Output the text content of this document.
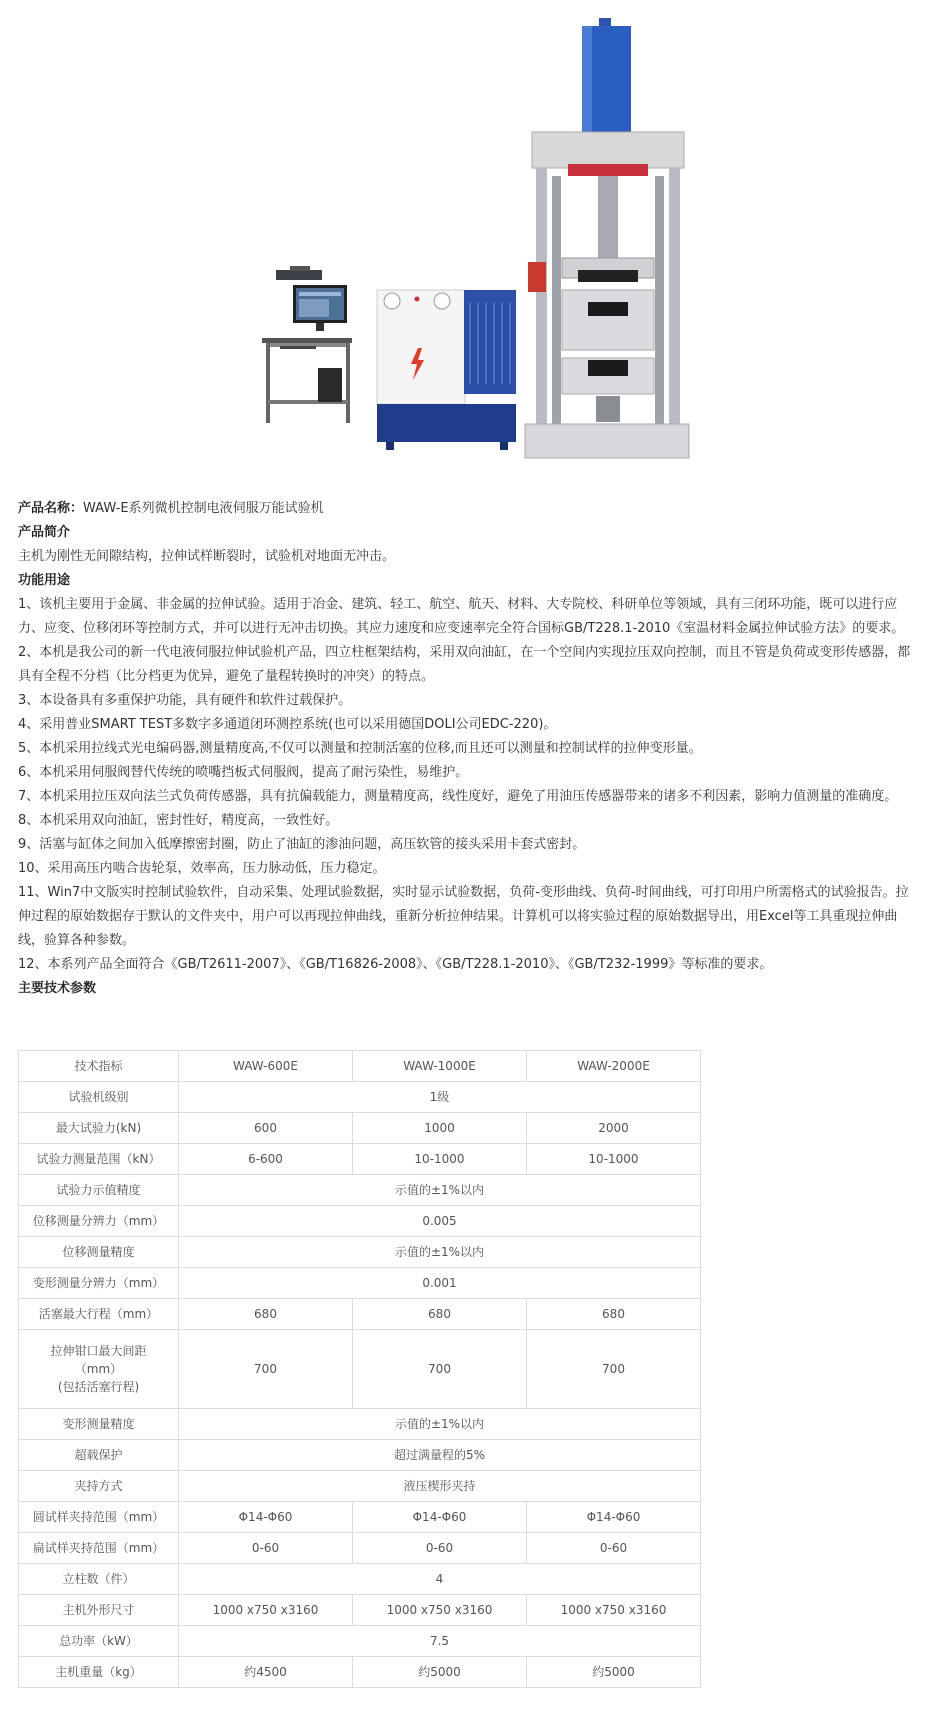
产品名称：WAW-E系列微机控制电液伺服万能试验机

产品简介

主机为刚性无间隙结构，拉伸试样断裂时，试验机对地面无冲击。

功能用途

1、该机主要用于金属、非金属的拉伸试验。适用于冶金、建筑、轻工、航空、航天、材料、大专院校、科研单位等领域，具有三闭环功能，既可以进行应力、应变、位移闭环等控制方式，并可以进行无冲击切换。其应力速度和应变速率完全符合国标GB/T228.1-2010《室温材料金属拉伸试验方法》的要求。

2、本机是我公司的新一代电液伺服拉伸试验机产品，四立柱框架结构，采用双向油缸，在一个空间内实现拉压双向控制，而且不管是负荷或变形传感器，都具有全程不分档（比分档更为优异，避免了量程转换时的冲突）的特点。

3、本设备具有多重保护功能，具有硬件和软件过载保护。

4、采用普业SMART TEST多数字多通道闭环测控系统(也可以采用德国DOLI公司EDC-220)。

5、本机采用拉线式光电编码器,测量精度高,不仅可以测量和控制活塞的位移,而且还可以测量和控制试样的拉伸变形量。

6、本机采用伺服阀替代传统的喷嘴挡板式伺服阀，提高了耐污染性，易维护。

7、本机采用拉压双向法兰式负荷传感器，具有抗偏载能力，测量精度高，线性度好，避免了用油压传感器带来的诸多不利因素，影响力值测量的准确度。

8、本机采用双向油缸，密封性好，精度高，一致性好。

9、活塞与缸体之间加入低摩擦密封圈，防止了油缸的渗油问题，高压软管的接头采用卡套式密封。

10、采用高压内啮合齿轮泵，效率高，压力脉动低，压力稳定。

11、Win7中文版实时控制试验软件，自动采集、处理试验数据，实时显示试验数据，负荷-变形曲线、负荷-时间曲线，可打印用户所需格式的试验报告。拉伸过程的原始数据存于默认的文件夹中，用户可以再现拉伸曲线，重新分析拉伸结果。计算机可以将实验过程的原始数据导出，用Excel等工具重现拉伸曲线，验算各种参数。

12、本系列产品全面符合《GB/T2611-2007》、《GB/T16826-2008》、《GB/T228.1-2010》、《GB/T232-1999》等标准的要求。

主要技术参数

技术指标	WAW-600E	WAW-1000E	WAW-2000E
试验机级别	1级		
最大试验力(kN)	600	1000	2000
试验力测量范围（kN）	6-600	10-1000	10-1000
试验力示值精度	示值的±1%以内		
位移测量分辨力（mm）	0.005		
位移测量精度	示值的±1%以内		
变形测量分辨力（mm）	0.001		
活塞最大行程（mm）	680	680	680
拉伸钳口最大间距
（mm）
(包括活塞行程)	700	700	700
变形测量精度	示值的±1%以内		
超载保护	超过满量程的5%		
夹持方式	液压楔形夹持		
圆试样夹持范围（mm）	Φ14-Φ60	Φ14-Φ60	Φ14-Φ60
扁试样夹持范围（mm）	0-60	0-60	0-60
立柱数（件）	4		
主机外形尺寸	1000 x750 x3160	1000 x750 x3160	1000 x750 x3160
总功率（kW）	7.5		
主机重量（kg）	约4500	约5000	约5000
